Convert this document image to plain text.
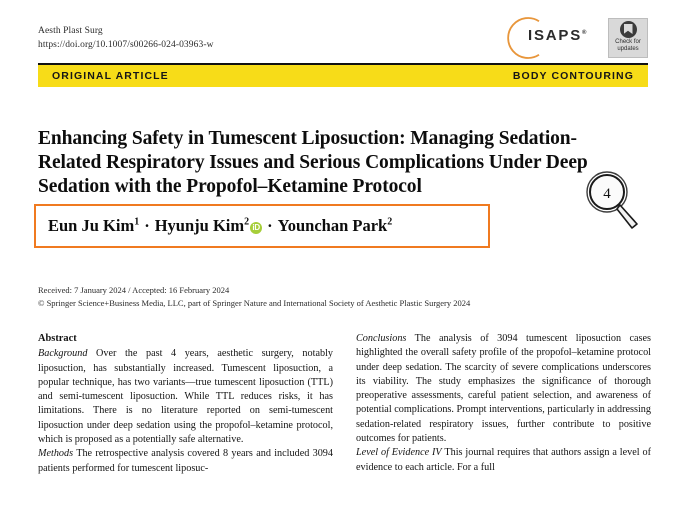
Aesth Plast Surg
https://doi.org/10.1007/s00266-024-03963-w
ISAPS®
Check for
updates
ORIGINAL ARTICLE	BODY CONTOURING
Enhancing Safety in Tumescent Liposuction: Managing Sedation-Related Respiratory Issues and Serious Complications Under Deep Sedation with the Propofol–Ketamine Protocol
Eun Ju Kim$^1$ · Hyunju Kim$^2$ iD · Younchan Park$^2$
4
Received: 7 January 2024 / Accepted: 16 February 2024
© Springer Science+Business Media, LLC, part of Springer Nature and International Society of Aesthetic Plastic Surgery 2024
Abstract

Background Over the past 4 years, aesthetic surgery, notably liposuction, has substantially increased. Tumescent liposuction, a popular technique, has two variants—true tumescent liposuction (TTL) and semi-tumescent liposuction. While TTL reduces risks, it has limitations. There is no literature reported on semi-tumescent liposuction under deep sedation using the propofol–ketamine protocol, which is proposed as a potentially safe alternative.

Methods The retrospective analysis covered 8 years and included 3094 patients performed for tumescent liposuc-

Conclusions The analysis of 3094 tumescent liposuction cases highlighted the overall safety profile of the propofol–ketamine protocol under deep sedation. The scarcity of severe complications underscores its viability. The study emphasizes the significance of thorough preoperative assessments, careful patient selection, and awareness of potential complications. Prompt interventions, particularly in addressing sedation-related respiratory issues, further contribute to positive outcomes for patients.

Level of Evidence IV This journal requires that authors assign a level of evidence to each article. For a full
